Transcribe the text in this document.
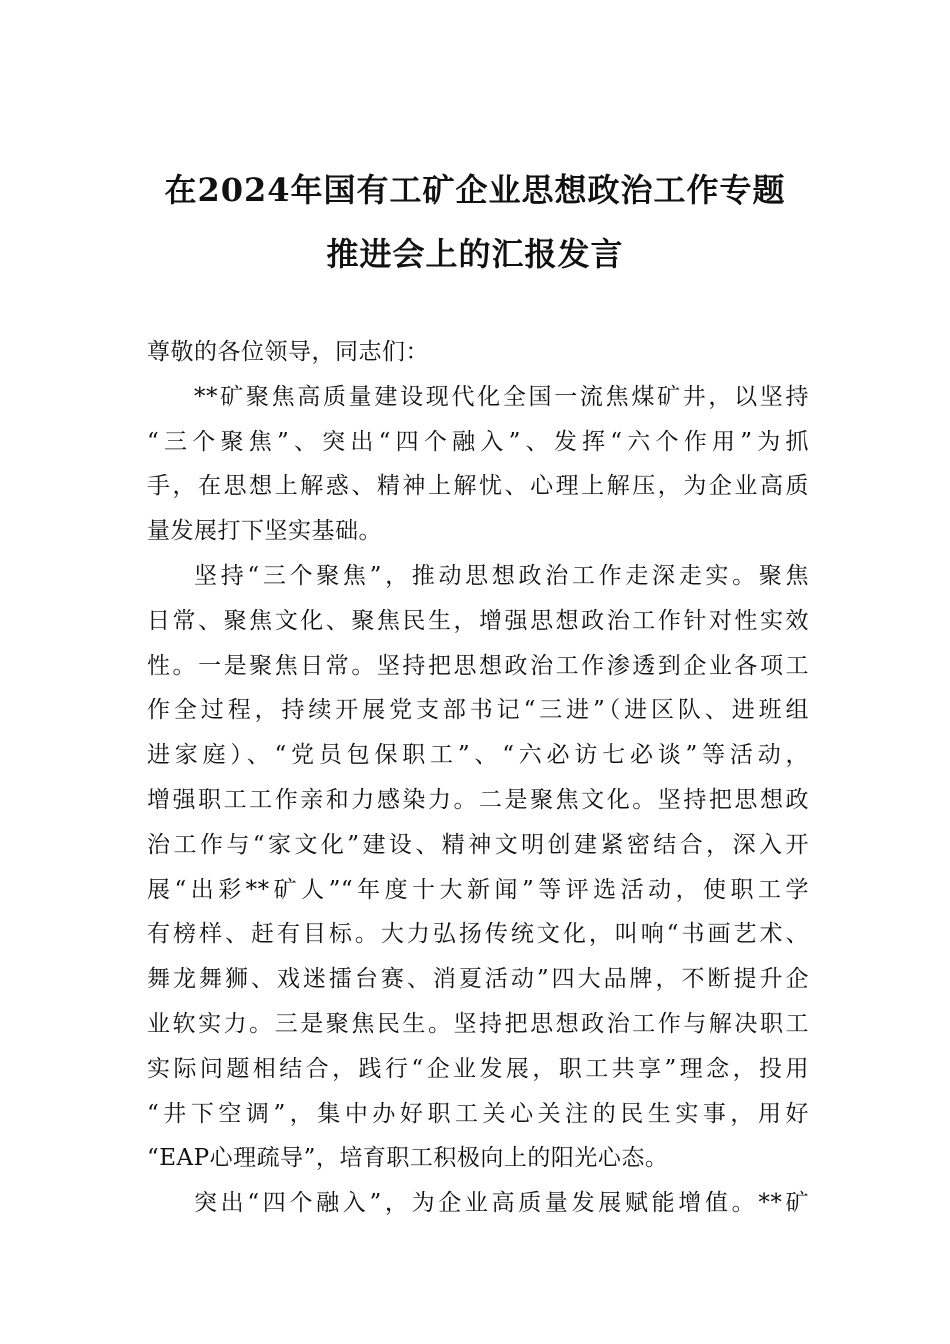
在2024年国有工矿企业思想政治工作专题
推进会上的汇报发言
尊敬的各位领导，同志们：
**矿聚焦高质量建设现代化全国一流焦煤矿井，以坚持
“三个聚焦”、突出“四个融入”、发挥“六个作用”为抓
手，在思想上解惑、精神上解忧、心理上解压，为企业高质
量发展打下坚实基础。
坚持“三个聚焦”，推动思想政治工作走深走实。聚焦
日常、聚焦文化、聚焦民生，增强思想政治工作针对性实效
性。一是聚焦日常。坚持把思想政治工作渗透到企业各项工
作全过程，持续开展党支部书记“三进”（进区队、进班组
进家庭）、“党员包保职工”、“六必访七必谈”等活动，
增强职工工作亲和力感染力。二是聚焦文化。坚持把思想政
治工作与“家文化”建设、精神文明创建紧密结合，深入开
展“出彩**矿人”“年度十大新闻”等评选活动，使职工学
有榜样、赶有目标。大力弘扬传统文化，叫响“书画艺术、
舞龙舞狮、戏迷擂台赛、消夏活动”四大品牌，不断提升企
业软实力。三是聚焦民生。坚持把思想政治工作与解决职工
实际问题相结合，践行“企业发展，职工共享”理念，投用
“井下空调”，集中办好职工关心关注的民生实事，用好
“EAP心理疏导”，培育职工积极向上的阳光心态。
突出“四个融入”，为企业高质量发展赋能增值。**矿
